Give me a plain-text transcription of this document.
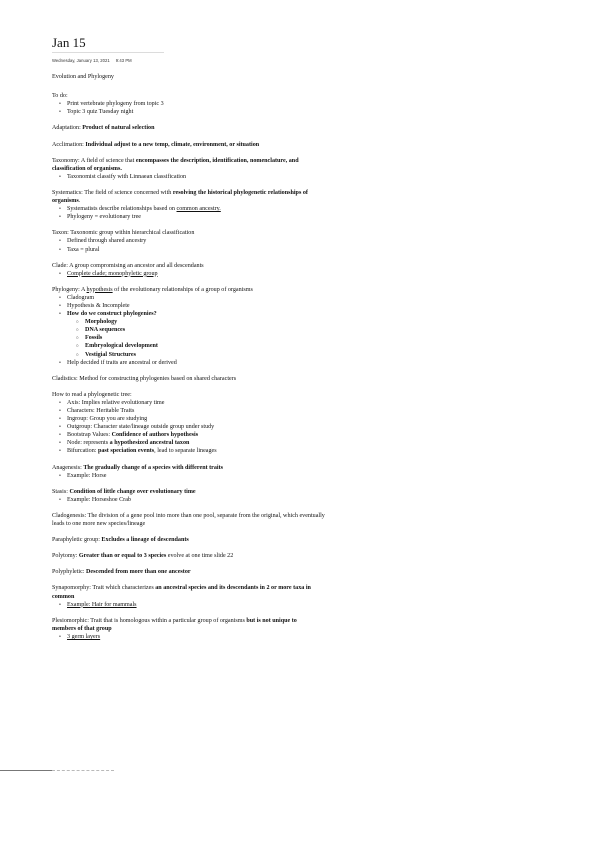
Jan 15
Wednesday, January 13, 2021 9:43 PM

Evolution and Phylogeny

To do:

• Print vertebrate phylogeny from topic 3
• Topic 3 quiz Tuesday night

Adaptation: Product of natural selection

Acclimation: Individual adjust to a new temp, climate, environment, or situation

Taxonomy: A field of science that encompasses the description, identification, nomenclature, and classification of organisms.

• Taxonomist classify with Linnaean classification

Systematics: The field of science concerned with resolving the historical phylogenetic relationships of organisms.

• Systematists describe relationships based on common ancestry.
• Phylogeny = evolutionary tree

Taxon: Taxonomic group within hierarchical classification

• Defined through shared ancestry
• Taxa = plural

Clade: A group compromising an ancestor and all descendants

• Complete clade; monophyletic group

Phylogeny: A hypothesis of the evolutionary relationships of a group of organisms

• Cladogram
• Hypothesis & Incomplete
• How do we construct phylogenies?
○ Morphology
○ DNA sequences
○ Fossils
○ Embryological development
○ Vestigial Structures
• Help decided if traits are ancestral or derived

Cladistics: Method for constructing phylogenies based on shared characters

How to read a phylogenetic tree:

• Axis: Implies relative evolutionary time
• Characters: Heritable Traits
• Ingroup: Group you are studying
• Outgroup: Character state/lineage outside group under study
• Bootstrap Values: Confidence of authors hypothesis
• Node: represents a hypothesized ancestral taxon
• Bifurcation: past speciation events, lead to separate lineages

Anagenesis: The gradually change of a species with different traits

• Example: Horse

Stasis: Condition of little change over evolutionary time

• Example: Horseshoe Crab

Cladogenesis: The division of a gene pool into more than one pool, separate from the original, which eventually leads to one more new species/lineage

Paraphyletic group: Excludes a lineage of descendants

Polytomy: Greater than or equal to 3 species evolve at one time slide 22

Polyphyletic: Descended from more than one ancestor

Synapomorphy: Trait which characterizes an ancestral species and its descendants in 2 or more taxa in common

• Example: Hair for mammals

Plesiomorphic: Trait that is homologous within a particular group of organisms but is not unique to members of that group

• 3 germ layers
